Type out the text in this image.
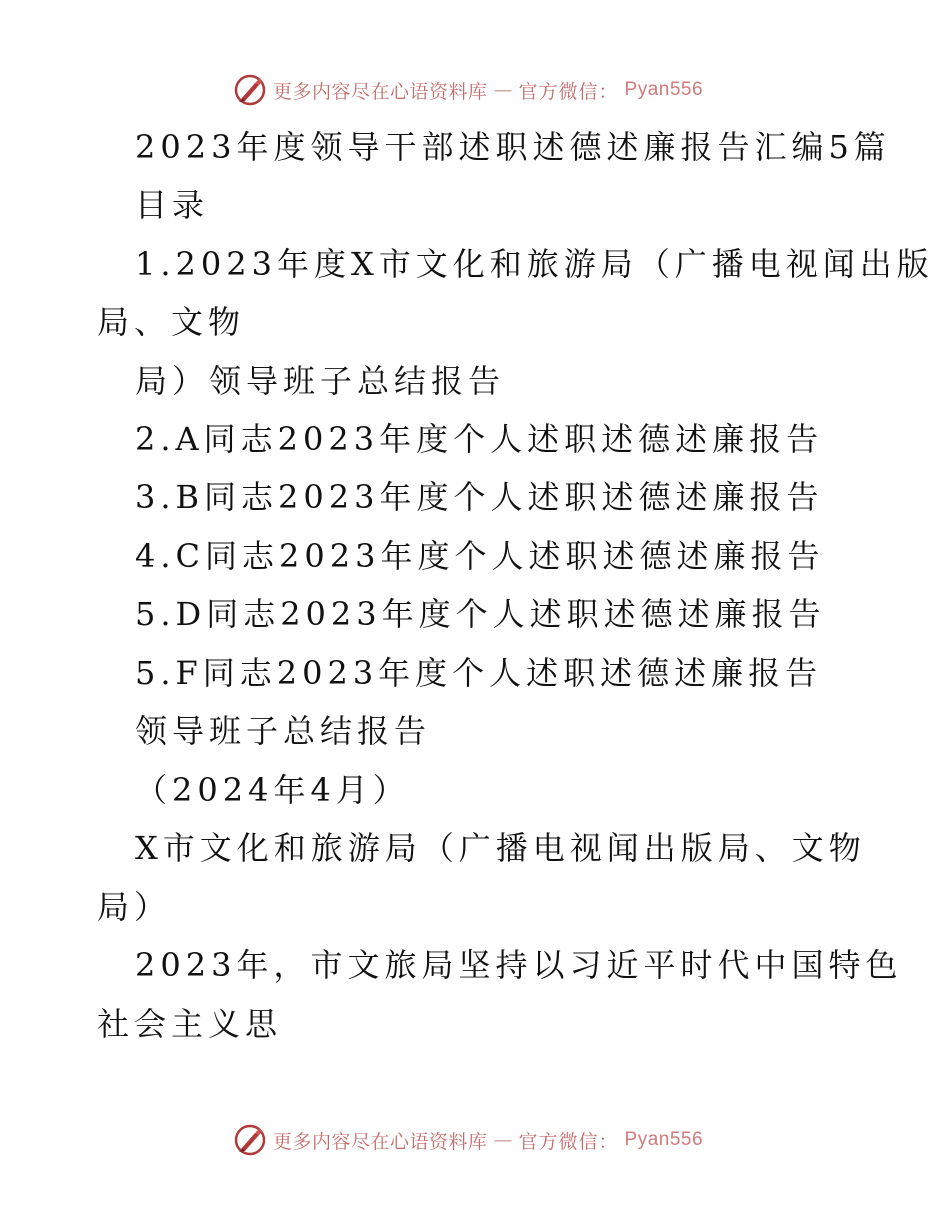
更多内容尽在心语资料库 — 官方微信： Pyan556
2023年度领导干部述职述德述廉报告汇编5篇
目录
1.2023年度X市文化和旅游局（广播电视闻出版
局、文物
局）领导班子总结报告
2.A同志2023年度个人述职述德述廉报告
3.B同志2023年度个人述职述德述廉报告
4.C同志2023年度个人述职述德述廉报告
5.D同志2023年度个人述职述德述廉报告
5.F同志2023年度个人述职述德述廉报告
领导班子总结报告
（2024年4月）
X市文化和旅游局（广播电视闻出版局、文物
局）
2023年，市文旅局坚持以习近平时代中国特色
社会主义思
更多内容尽在心语资料库 — 官方微信： Pyan556
